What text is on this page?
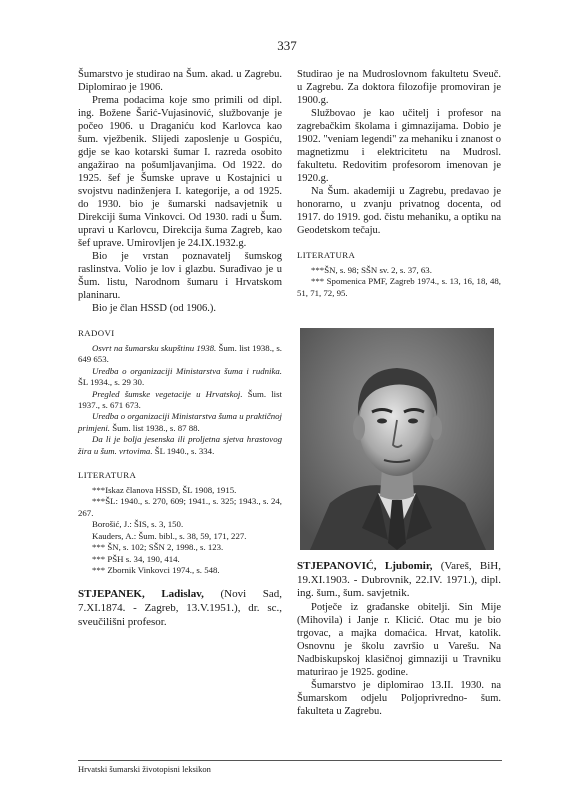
337

Šumarstvo je studirao na Šum. akad. u Zagrebu. Diplomirao je 1906.

Prema podacima koje smo primili od dipl. ing. Božene Šarić-Vujasinović, službovanje je počeo 1906. u Draganiću kod Karlovca kao šum. vježbenik. Slijedi zaposlenje u Gospiću, gdje se kao kotarski šumar I. razreda osobito angažirao na pošumljavanjima. Od 1922. do 1925. šef je Šumske uprave u Kostajnici u svojstvu nadinženjera I. kategorije, a od 1925. do 1930. bio je šumarski nadsavjetnik u Direkciji šuma Vinkovci. Od 1930. radi u Šum. upravi u Karlovcu, Direkcija šuma Zagreb, kao šef uprave. Umirovljen je 24.IX.1932.g.

Bio je vrstan poznavatelj šumskog raslinstva. Volio je lov i glazbu. Surađivao je u Šum. listu, Narodnom šumaru i Hrvatskom planinaru.

Bio je član HSSD (od 1906.).

RADOVI

Osvrt na šumarsku skupštinu 1938. Šum. list 1938., s. 649 653.

Uredba o organizaciji Ministarstva šuma i rudnika. ŠL 1934., s. 29 30.

Pregled šumske vegetacije u Hrvatskoj. Šum. list 1937., s. 671 673.

Uredba o organizaciji Ministarstva šuma u praktičnoj primjeni. Šum. list 1938., s. 87 88.

Da li je bolja jesenska ili proljetna sjetva hrastovog žira u šum. vrtovima. ŠL 1940., s. 334.

LITERATURA

***Iskaz članova HSSD, ŠL 1908, 1915.

***ŠL: 1940., s. 270, 609; 1941., s. 325; 1943., s. 24, 267.

Borošić, J.: ŠIS, s. 3, 150.

Kauders, A.: Šum. bibl., s. 38, 59, 171, 227.

*** ŠN, s. 102; SŠN 2, 1998., s. 123.

*** PŠH s. 34, 190, 414.

*** Zbornik Vinkovci 1974., s. 548.

STJEPANEK, Ladislav, (Novi Sad, 7.XI.1874. - Zagreb, 13.V.1951.), dr. sc., sveučilišni profesor.

Studirao je na Mudroslovnom fakultetu Sveuč. u Zagrebu. Za doktora filozofije promoviran je 1900.g.

Službovao je kao učitelj i profesor na zagrebačkim školama i gimnazijama. Dobio je 1902. "veniam legendi" za mehaniku i znanost o magnetizmu i elektricitetu na Mudrosl. fakultetu. Redovitim profesorom imenovan je 1920.g.

Na Šum. akademiji u Zagrebu, predavao je honorarno, u zvanju privatnog docenta, od 1917. do 1919. god. čistu mehaniku, a optiku na Geodetskom tečaju.

LITERATURA

***ŠN, s. 98; SŠN sv. 2, s. 37, 63.

*** Spomenica PMF, Zagreb 1974., s. 13, 16, 18, 48, 51, 71, 72, 95.

STJEPANOVIĆ, Ljubomir, (Vareš, BiH, 19.XI.1903. - Dubrovnik, 22.IV. 1971.), dipl. ing. šum., šum. savjetnik.

Potječe iz građanske obitelji. Sin Mije (Mihovila) i Janje r. Klicić. Otac mu je bio trgovac, a majka domaćica. Hrvat, katolik. Osnovnu je školu završio u Varešu. Na Nadbiskupskoj klasičnoj gimnaziji u Travniku maturirao je 1925. godine.

Šumarstvo je diplomirao 13.II. 1930. na Šumarskom odjelu Poljoprivredno- šum. fakulteta u Zagrebu.

Hrvatski šumarski životopisni leksikon
